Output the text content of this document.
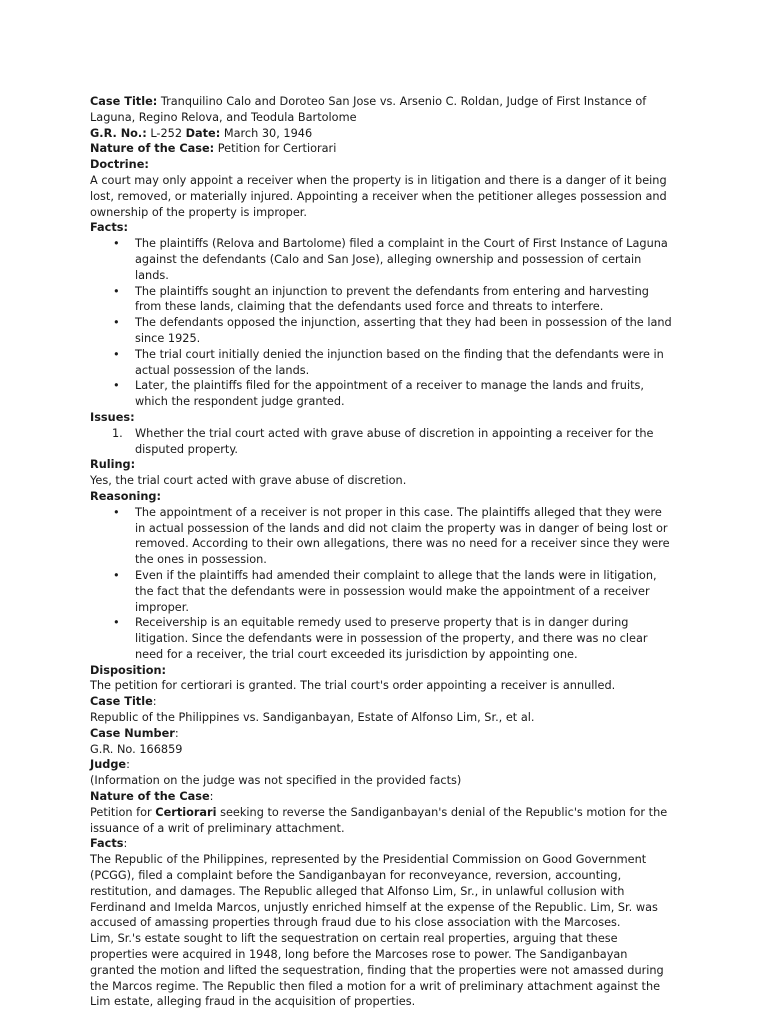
Case Title: Tranquilino Calo and Doroteo San Jose vs. Arsenio C. Roldan, Judge of First Instance of Laguna, Regino Relova, and Teodula Bartolome

G.R. No.: L-252 Date: March 30, 1946

Nature of the Case: Petition for Certiorari

Doctrine:

A court may only appoint a receiver when the property is in litigation and there is a danger of it being lost, removed, or materially injured. Appointing a receiver when the petitioner alleges possession and ownership of the property is improper.

Facts:

• The plaintiffs (Relova and Bartolome) filed a complaint in the Court of First Instance of Laguna against the defendants (Calo and San Jose), alleging ownership and possession of certain lands.
• The plaintiffs sought an injunction to prevent the defendants from entering and harvesting from these lands, claiming that the defendants used force and threats to interfere.
• The defendants opposed the injunction, asserting that they had been in possession of the land since 1925.
• The trial court initially denied the injunction based on the finding that the defendants were in actual possession of the lands.
• Later, the plaintiffs filed for the appointment of a receiver to manage the lands and fruits, which the respondent judge granted.

Issues:

1. Whether the trial court acted with grave abuse of discretion in appointing a receiver for the disputed property.

Ruling:

Yes, the trial court acted with grave abuse of discretion.

Reasoning:

• The appointment of a receiver is not proper in this case. The plaintiffs alleged that they were in actual possession of the lands and did not claim the property was in danger of being lost or removed. According to their own allegations, there was no need for a receiver since they were the ones in possession.
• Even if the plaintiffs had amended their complaint to allege that the lands were in litigation, the fact that the defendants were in possession would make the appointment of a receiver improper.
• Receivership is an equitable remedy used to preserve property that is in danger during litigation. Since the defendants were in possession of the property, and there was no clear need for a receiver, the trial court exceeded its jurisdiction by appointing one.

Disposition:

The petition for certiorari is granted. The trial court's order appointing a receiver is annulled.

Case Title:

Republic of the Philippines vs. Sandiganbayan, Estate of Alfonso Lim, Sr., et al.

Case Number:

G.R. No. 166859

Judge:

(Information on the judge was not specified in the provided facts)

Nature of the Case:

Petition for Certiorari seeking to reverse the Sandiganbayan's denial of the Republic's motion for the issuance of a writ of preliminary attachment.

Facts:

The Republic of the Philippines, represented by the Presidential Commission on Good Government (PCGG), filed a complaint before the Sandiganbayan for reconveyance, reversion, accounting, restitution, and damages. The Republic alleged that Alfonso Lim, Sr., in unlawful collusion with Ferdinand and Imelda Marcos, unjustly enriched himself at the expense of the Republic. Lim, Sr. was accused of amassing properties through fraud due to his close association with the Marcoses.

Lim, Sr.'s estate sought to lift the sequestration on certain real properties, arguing that these properties were acquired in 1948, long before the Marcoses rose to power. The Sandiganbayan granted the motion and lifted the sequestration, finding that the properties were not amassed during the Marcos regime. The Republic then filed a motion for a writ of preliminary attachment against the Lim estate, alleging fraud in the acquisition of properties.
